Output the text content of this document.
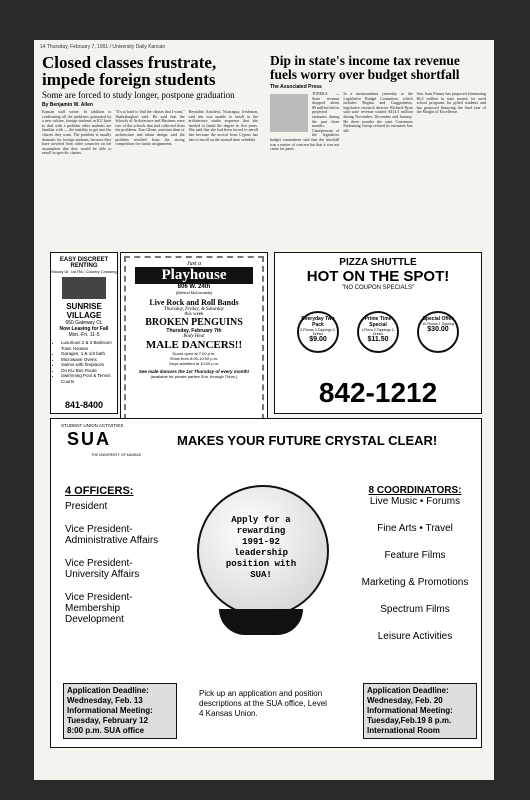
14 Thursday, February 7, 1991 / University Daily Kansan
Closed classes frustrate, impede foreign students
Some are forced to study longer, postpone graduation
By Benjamin W. Allen
Kansan staff writer. In addition to confronting all the problems generated by a new culture, foreign students in KU have to deal with a problem other students are familiar with — the inability to get into the classes they want. The problem is usually dramatic for foreign students, because they have traveled from other countries on the assumption that they would be able to enroll in specific classes.
"It's so hard to find the classes that I want," Shahrabagheri said. He said that the Schools of Architecture and Business were two of the schools that had collected from the problems. Tom Glenn, assistant dean of architecture and urban design, said the problem resulted from the strong competition for studio assignments.
Reynaldo Antoleni, Nicaragua, freshman, said she was unable to enroll in the architecture studio sequence that she needed to finish the degree in five years. She said that she had been forced to enroll late because the arrival from Cyprus has late to enroll on the normal time schedule.
Dip in state's income tax revenue fuels worry over budget shortfall
The Associated Press
TOPEKA — State revenue dropped about $9 million below projected estimates during the past three months. Chairpersons of the legislative budget committees said that the shortfall was a matter of concern but that it was not cause for panic.
In a memorandum yesterday to the Legislative Budget Committee, which includes Regina and Guggenheim, legislative research director Richard Ryan said state revenue totaled $414.5 million during November, December and January. He three months the state Consensus Estimating Group revised its estimates last fall.
Sen. Juan Finney has proposed eliminating $6.2 million in state money for need school programs for gifted students and has proposed financing the final year of the Margin of Excellence.
EASY DISCREET RENTING
Moody Dr. 1st Rd./ Country Crossing
SUNRISE
VILLAGE
660 Gateway Ct.
Now Leasing for Fall
Mon.-Fri. 11-5
• Luxurious 2 & 3 Bedroom Town Houses
• Garages, 1 & 1/2 bath
• Microwave Ovens
• Swims with fireplaces
• On KU Bus Route
• Swimming Pool & Tennis Courts
841-8400
Just a
Playhouse
806 W. 24th
(Behind McDonalds)
Live Rock and Roll Bands
Thursday, Friday, & Saturday
this week
BROKEN PENGUINS
Thursday, February 7th
Body Heat
MALE DANCERS!!
Doors open at 7:00 p.m.
Show from 8:00-10:00 p.m.
Guys admitted at 10:00 p.m.
See male dancers the 1st Thursday of every month!
(available for private parties Sun. through Thurs.)
PIZZA SHUTTLE
HOT ON THE SPOT!
"NO COUPON SPECIALS"
Everyday Two Pack
2-Pizzas 2-Toppings 2-Drinks
$9.00
Prime Time Special
1-Pizza 2-Toppings 2-Drinks
$11.50
Special Offer
10-Pizzas 1-Topping
$30.00
842-1212
STUDENT UNION ACTIVITIES
SUA
THE UNIVERSITY OF KANSAS
MAKES YOUR FUTURE CRYSTAL CLEAR!
4 OFFICERS:
President
Vice President-Administrative Affairs
Vice President-University Affairs
Vice President-Membership Development
Apply for a rewarding 1991-92 leadership position with SUA!
8 COORDINATORS:
Live Music • Forums
Fine Arts • Travel
Feature Films
Marketing & Promotions
Spectrum Films
Leisure Activities
Application Deadline:
Wednesday, Feb. 13
Informational Meeting:
Tuesday, February 12
8:00 p.m. SUA office
Pick up an application and position descriptions at the SUA office, Level 4 Kansas Union.
Application Deadline:
Wednesday, Feb. 20
Informational Meeting:
Tuesday,Feb.19 8 p.m.
International Room
